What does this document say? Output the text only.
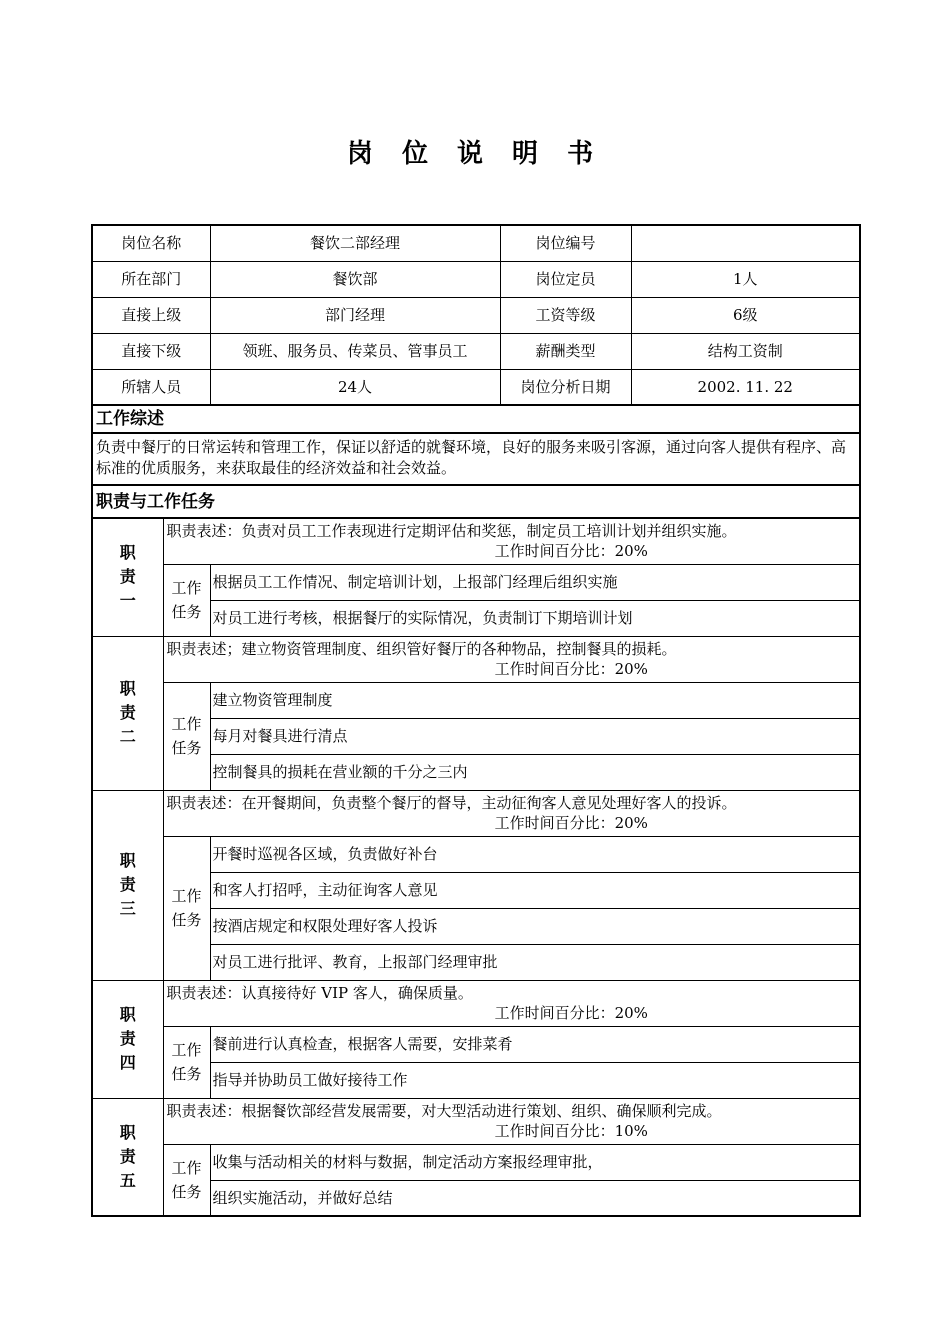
岗 位 说 明 书
岗位名称		餐饮二部经理	岗位编号	
所在部门		餐饮部	岗位定员	1人
直接上级		部门经理	工资等级	6级
直接下级		领班、服务员、传菜员、管事员工	薪酬类型	结构工资制
所辖人员		24人	岗位分析日期	2002. 11. 22
工作综述				
负责中餐厅的日常运转和管理工作，保证以舒适的就餐环境，良好的服务来吸引客源，通过向客人提供有程序、高标准的优质服务，来获取最佳的经济效益和社会效益。				
职责与工作任务				
职
责
一	职责表述：负责对员工工作表现进行定期评估和奖惩，制定员工培训计划并组织实施。
工作时间百分比：20%			

	工作
任务	根据员工工作情况、制定培训计划，上报部门经理后组织实施		
		对员工进行考核，根据餐厅的实际情况，负责制订下期培训计划		
职
责
二	职责表述；建立物资管理制度、组织管好餐厅的各种物品，控制餐具的损耗。
工作时间百分比：20%			

	工作
任务	建立物资管理制度		
		每月对餐具进行清点		
		控制餐具的损耗在营业额的千分之三内		
职
责
三	职责表述：在开餐期间，负责整个餐厅的督导，主动征徇客人意见处理好客人的投诉。
工作时间百分比：20%			

	工作
任务	开餐时巡视各区域，负责做好补台		
		和客人打招呼，主动征询客人意见		
		按酒店规定和权限处理好客人投诉		
		对员工进行批评、教育，上报部门经理审批		
职
责
四	职责表述：认真接待好 VIP 客人，确保质量。
工作时间百分比：20%			

	工作
任务	餐前进行认真检查，根据客人需要，安排菜肴		
		指导并协助员工做好接待工作		
职
责
五	职责表述：根据餐饮部经营发展需要，对大型活动进行策划、组织、确保顺利完成。
工作时间百分比：10%			

	工作
任务	收集与活动相关的材料与数据，制定活动方案报经理审批，		
		组织实施活动，并做好总结		
